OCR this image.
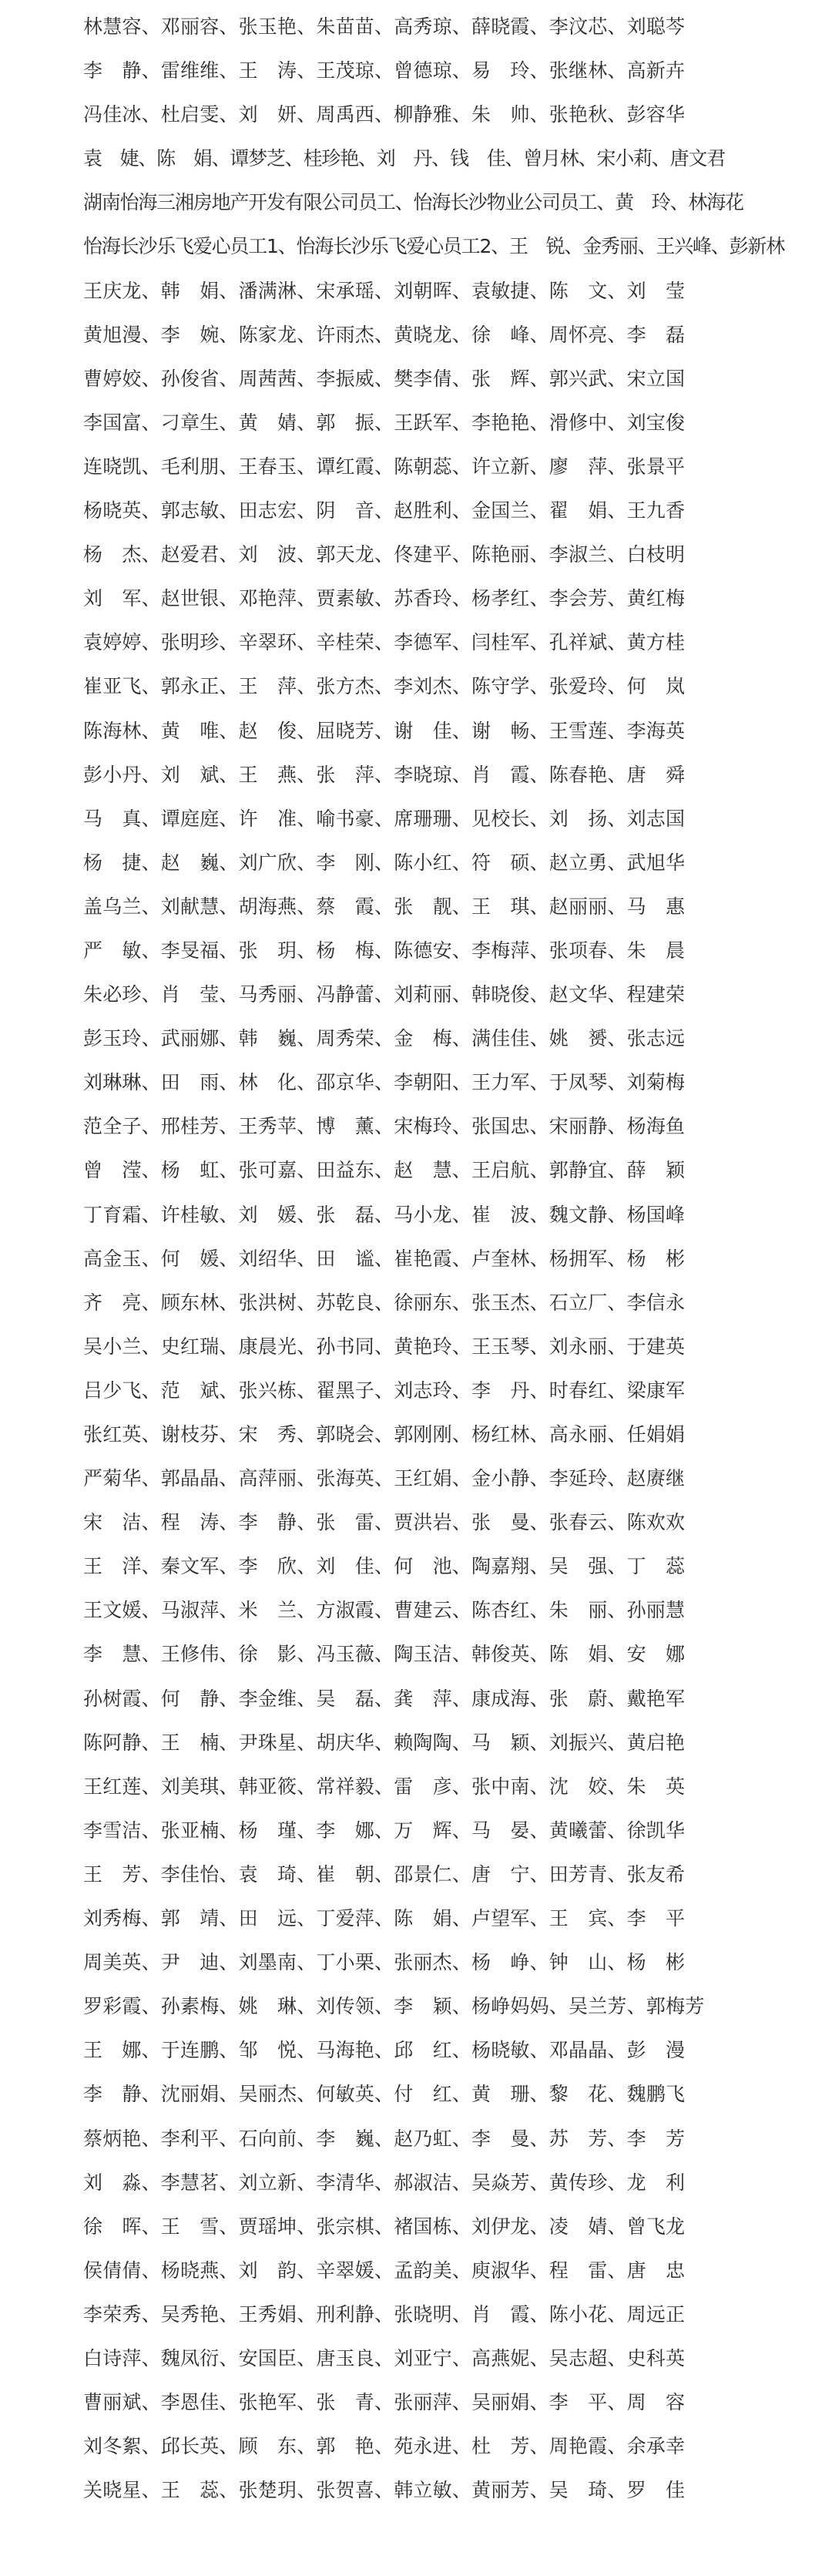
林慧容、邓丽容、张玉艳、朱苗苗、高秀琼、薛晓霞、李汶芯、刘聪芩
李　静、雷维维、王　涛、王茂琼、曾德琼、易　玲、张继林、高新卉
冯佳冰、杜启雯、刘　妍、周禹西、柳静雅、朱　帅、张艳秋、彭容华
袁　婕、陈　娟、谭梦芝、桂珍艳、刘　丹、钱　佳、曾月林、宋小莉、唐文君
湖南怡海三湘房地产开发有限公司员工、怡海长沙物业公司员工、黄　玲、林海花
怡海长沙乐飞爱心员工1、怡海长沙乐飞爱心员工2、王　锐、金秀丽、王兴峰、彭新林
王庆龙、韩　娟、潘满淋、宋承瑶、刘朝晖、袁敏捷、陈　文、刘　莹
黄旭漫、李　婉、陈家龙、许雨杰、黄晓龙、徐　峰、周怀亮、李　磊
曹婷姣、孙俊省、周茜茜、李振威、樊李倩、张　辉、郭兴武、宋立国
李国富、刁章生、黄　婧、郭　振、王跃军、李艳艳、滑修中、刘宝俊
连晓凯、毛利朋、王春玉、谭红霞、陈朝蕊、许立新、廖　萍、张景平
杨晓英、郭志敏、田志宏、阴　音、赵胜利、金国兰、翟　娟、王九香
杨　杰、赵爱君、刘　波、郭天龙、佟建平、陈艳丽、李淑兰、白枝明
刘　军、赵世银、邓艳萍、贾素敏、苏香玲、杨孝红、李会芳、黄红梅
袁婷婷、张明珍、辛翠环、辛桂荣、李德军、闫桂军、孔祥斌、黄方桂
崔亚飞、郭永正、王　萍、张方杰、李刘杰、陈守学、张爱玲、何　岚
陈海林、黄　唯、赵　俊、屈晓芳、谢　佳、谢　畅、王雪莲、李海英
彭小丹、刘　斌、王　燕、张　萍、李晓琼、肖　霞、陈春艳、唐　舜
马　真、谭庭庭、许　准、喻书豪、席珊珊、见校长、刘　扬、刘志国
杨　捷、赵　巍、刘广欣、李　刚、陈小红、符　硕、赵立勇、武旭华
盖乌兰、刘献慧、胡海燕、蔡　霞、张　靓、王　琪、赵丽丽、马　惠
严　敏、李旻福、张　玥、杨　梅、陈德安、李梅萍、张项春、朱　晨
朱必珍、肖　莹、马秀丽、冯静蕾、刘莉丽、韩晓俊、赵文华、程建荣
彭玉玲、武丽娜、韩　巍、周秀荣、金　梅、满佳佳、姚　赟、张志远
刘琳琳、田　雨、林　化、邵京华、李朝阳、王力军、于凤琴、刘菊梅
范全子、邢桂芳、王秀苹、博　薰、宋梅玲、张国忠、宋丽静、杨海鱼
曾　滢、杨　虹、张可嘉、田益东、赵　慧、王启航、郭静宜、薛　颖
丁育霜、许桂敏、刘　媛、张　磊、马小龙、崔　波、魏文静、杨国峰
高金玉、何　媛、刘绍华、田　谧、崔艳霞、卢奎林、杨拥军、杨　彬
齐　亮、顾东林、张洪树、苏乾良、徐丽东、张玉杰、石立厂、李信永
吴小兰、史红瑞、康晨光、孙书同、黄艳玲、王玉琴、刘永丽、于建英
吕少飞、范　斌、张兴栋、翟黑子、刘志玲、李　丹、时春红、梁康军
张红英、谢枝芬、宋　秀、郭晓会、郭刚刚、杨红林、高永丽、任娟娟
严菊华、郭晶晶、高萍丽、张海英、王红娟、金小静、李延玲、赵赓继
宋　洁、程　涛、李　静、张　雷、贾洪岩、张　曼、张春云、陈欢欢
王　洋、秦文军、李　欣、刘　佳、何　池、陶嘉翔、吴　强、丁　蕊
王文媛、马淑萍、米　兰、方淑霞、曹建云、陈杏红、朱　丽、孙丽慧
李　慧、王修伟、徐　影、冯玉薇、陶玉洁、韩俊英、陈　娟、安　娜
孙树霞、何　静、李金维、吴　磊、龚　萍、康成海、张　蔚、戴艳军
陈阿静、王　楠、尹珠星、胡庆华、赖陶陶、马　颖、刘振兴、黄启艳
王红莲、刘美琪、韩亚筱、常祥毅、雷　彦、张中南、沈　姣、朱　英
李雪洁、张亚楠、杨　瑾、李　娜、万　辉、马　晏、黄曦蕾、徐凯华
王　芳、李佳怡、袁　琦、崔　朝、邵景仁、唐　宁、田芳青、张友希
刘秀梅、郭　靖、田　远、丁爱萍、陈　娟、卢望军、王　宾、李　平
周美英、尹　迪、刘墨南、丁小栗、张丽杰、杨　峥、钟　山、杨　彬
罗彩霞、孙素梅、姚　琳、刘传领、李　颖、杨峥妈妈、吴兰芳、郭梅芳
王　娜、于连鹏、邹　悦、马海艳、邱　红、杨晓敏、邓晶晶、彭　漫
李　静、沈丽娟、吴丽杰、何敏英、付　红、黄　珊、黎　花、魏鹏飞
蔡炳艳、李利平、石向前、李　巍、赵乃虹、李　曼、苏　芳、李　芳
刘　淼、李慧茗、刘立新、李清华、郝淑洁、吴焱芳、黄传珍、龙　利
徐　晖、王　雪、贾瑶坤、张宗棋、褚国栋、刘伊龙、凌　婧、曾飞龙
侯倩倩、杨晓燕、刘　韵、辛翠媛、孟韵美、庾淑华、程　雷、唐　忠
李荣秀、吴秀艳、王秀娟、刑利静、张晓明、肖　霞、陈小花、周远正
白诗萍、魏凤衍、安国臣、唐玉良、刘亚宁、高燕妮、吴志超、史科英
曹丽斌、李恩佳、张艳军、张　青、张丽萍、吴丽娟、李　平、周　容
刘冬絮、邱长英、顾　东、郭　艳、苑永进、杜　芳、周艳霞、余承幸
关晓星、王　蕊、张楚玥、张贺喜、韩立敏、黄丽芳、吴　琦、罗　佳
